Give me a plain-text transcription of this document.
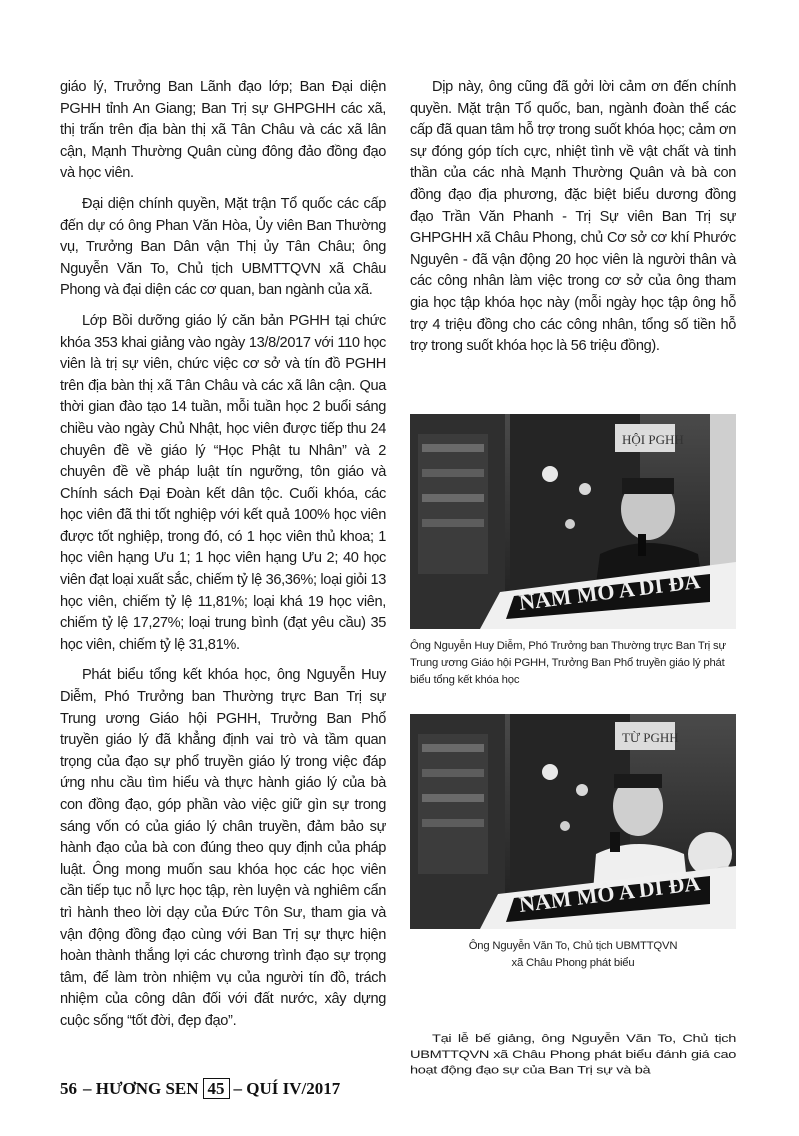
giáo lý, Trưởng Ban Lãnh đạo lớp; Ban Đại diện PGHH tỉnh An Giang; Ban Trị sự GHPGHH các xã, thị trấn trên địa bàn thị xã Tân Châu và các xã lân cận, Mạnh Thường Quân cùng đông đảo đồng đạo và học viên.

Đại diện chính quyền, Mặt trận Tổ quốc các cấp đến dự có ông Phan Văn Hòa, Ủy viên Ban Thường vụ, Trưởng Ban Dân vận Thị ủy Tân Châu; ông Nguyễn Văn To, Chủ tịch UBMTTQVN xã Châu Phong và đại diện các cơ quan, ban ngành của xã.

Lớp Bồi dưỡng giáo lý căn bản PGHH tại chức khóa 353 khai giảng vào ngày 13/8/2017 với 110 học viên là trị sự viên, chức việc cơ sở và tín đồ PGHH trên địa bàn thị xã Tân Châu và các xã lân cận. Qua thời gian đào tạo 14 tuần, mỗi tuần học 2 buổi sáng chiều vào ngày Chủ Nhật, học viên được tiếp thu 24 chuyên đề về giáo lý “Học Phật tu Nhân” và 2 chuyên đề về pháp luật tín ngưỡng, tôn giáo và Chính sách Đại Đoàn kết dân tộc. Cuối khóa, các học viên đã thi tốt nghiệp với kết quả 100% học viên được tốt nghiệp, trong đó, có 1 học viên thủ khoa; 1 học viên hạng Ưu 1; 1 học viên hạng Ưu 2; 40 học viên đạt loại xuất sắc, chiếm tỷ lệ 36,36%; loại giỏi 13 học viên, chiếm tỷ lệ 11,81%; loại khá 19 học viên, chiếm tỷ lệ 17,27%; loại trung bình (đạt yêu cầu) 35 học viên, chiếm tỷ lệ 31,81%.

Phát biểu tổng kết khóa học, ông Nguyễn Huy Diễm, Phó Trưởng ban Thường trực Ban Trị sự Trung ương Giáo hội PGHH, Trưởng Ban Phổ truyền giáo lý đã khẳng định vai trò và tầm quan trọng của đạo sự phổ truyền giáo lý trong việc đáp ứng nhu cầu tìm hiểu và thực hành giáo lý của bà con đồng đạo, góp phần vào việc giữ gìn sự trong sáng vốn có của giáo lý chân truyền, đảm bảo sự hành đạo của bà con đúng theo quy định của pháp luật. Ông mong muốn sau khóa học các học viên cần tiếp tục nỗ lực học tập, rèn luyện và nghiêm cẩn trì hành theo lời dạy của Đức Tôn Sư, tham gia và vận động đồng đạo cùng với Ban Trị sự thực hiện hoàn thành thắng lợi các chương trình đạo sự trọng tâm, để làm tròn nhiệm vụ của người tín đồ, trách nhiệm của công dân đối với đất nước, xây dựng cuộc sống “tốt đời, đẹp đạo”.

Dịp này, ông cũng đã gởi lời cảm ơn đến chính quyền. Mặt trận Tổ quốc, ban, ngành đoàn thể các cấp đã quan tâm hỗ trợ trong suốt khóa học; cảm ơn sự đóng góp tích cực, nhiệt tình về vật chất và tinh thần của các nhà Mạnh Thường Quân và bà con đồng đạo địa phương, đặc biệt biểu dương đồng đạo Trần Văn Phanh - Trị Sự viên Ban Trị sự GHPGHH xã Châu Phong, chủ Cơ sở cơ khí Phước Nguyên - đã vận động 20 học viên là người thân và các công nhân làm việc trong cơ sở của ông tham gia học tập khóa học này (mỗi ngày học tập ông hỗ trợ 4 triệu đồng cho các công nhân, tổng số tiền hỗ trợ trong suốt khóa học là 56 triệu đồng).

HỘI PGHH
NAM MÔ A DI ĐÀ
Ông Nguyễn Huy Diễm, Phó Trưởng ban Thường trực Ban Trị sự Trung ương Giáo hội PGHH, Trưởng Ban Phổ truyền giáo lý phát biểu tổng kết khóa học
TỪ PGHH
NAM MÔ A DI ĐÀ
Ông Nguyễn Văn To, Chủ tịch UBMTTQVN
xã Châu Phong phát biểu

Tại lễ bế giảng, ông Nguyễn Văn To, Chủ tịch UBMTTQVN xã Châu Phong phát biểu đánh giá cao hoạt động đạo sự của Ban Trị sự và bà

56 – HƯƠNG SEN 45 – QUÍ IV/2017
